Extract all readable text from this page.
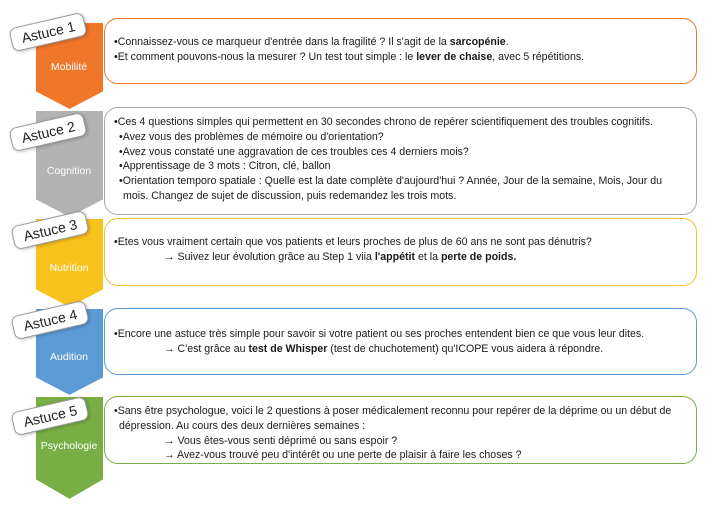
Mobilité
Cognition
Nutrition
Audition
Psychologie

•Connaissez-vous ce marqueur d'entrée dans la fragilité ? Il s'agit de la sarcopénie.

•Et comment pouvons-nous la mesurer ? Un test tout simple : le lever de chaise, avec 5 répétitions.

•Ces 4 questions simples qui permettent en 30 secondes chrono de repérer scientifiquement des troubles cognitifs.

•Avez vous des problèmes de mémoire ou d'orientation?

•Avez vous constaté une aggravation de ces troubles ces 4 derniers mois?

•Apprentissage de 3 mots : Citron, clé, ballon

•Orientation temporo spatiale : Quelle est la date complète d'aujourd'hui ? Année, Jour de la semaine, Mois, Jour du

mois. Changez de sujet de discussion, puis redemandez les trois mots.

•Etes vous vraiment certain que vos patients et leurs proches de plus de 60 ans ne sont pas dénutris?

→ Suivez leur évolution grâce au Step 1 viia l'appétit et la perte de poids.

•Encore une astuce très simple pour savoir si votre patient ou ses proches entendent bien ce que vous leur dites.

→ C'est grâce au test de Whisper (test de chuchotement) qu'ICOPE vous aidera à répondre.

•Sans être psychologue, voici le 2 questions à poser médicalement reconnu pour repérer de la déprime ou un début de

dépression. Au cours des deux dernières semaines :

→ Vous êtes-vous senti déprimé ou sans espoir ?

→ Avez-vous trouvé peu d'intérêt ou une perte de plaisir à faire les choses ?

Astuce 1
Astuce 2
Astuce 3
Astuce 4
Astuce 5
